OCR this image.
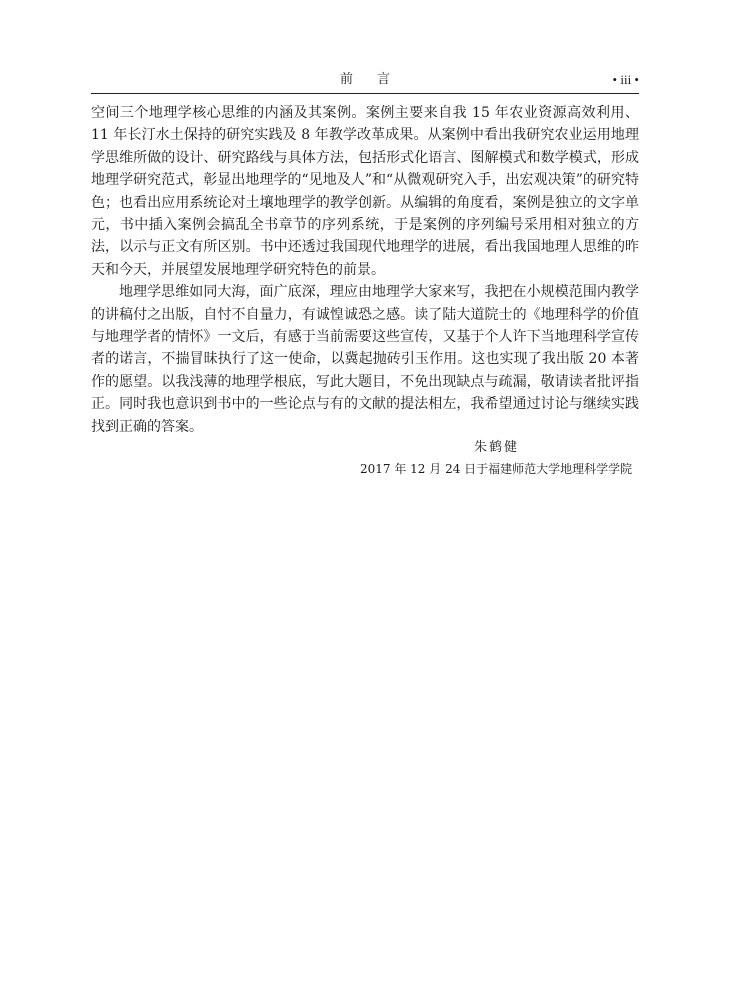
前言	• iii •

空间三个地理学核心思维的内涵及其案例。案例主要来自我 15 年农业资源高效利用、11 年长汀水土保持的研究实践及 8 年教学改革成果。从案例中看出我研究农业运用地理学思维所做的设计、研究路线与具体方法，包括形式化语言、图解模式和数学模式，形成地理学研究范式，彰显出地理学的“见地及人”和“从微观研究入手，出宏观决策”的研究特色；也看出应用系统论对土壤地理学的教学创新。从编辑的角度看，案例是独立的文字单元，书中插入案例会搞乱全书章节的序列系统，于是案例的序列编号采用相对独立的方法，以示与正文有所区别。书中还透过我国现代地理学的进展，看出我国地理人思维的昨天和今天，并展望发展地理学研究特色的前景。

地理学思维如同大海，面广底深，理应由地理学大家来写，我把在小规模范围内教学的讲稿付之出版，自忖不自量力，有诚惶诚恐之感。读了陆大道院士的《地理科学的价值与地理学者的情怀》一文后，有感于当前需要这些宣传，又基于个人许下当地理科学宣传者的诺言，不揣冒昧执行了这一使命，以冀起抛砖引玉作用。这也实现了我出版 20 本著作的愿望。以我浅薄的地理学根底，写此大题目，不免出现缺点与疏漏，敬请读者批评指正。同时我也意识到书中的一些论点与有的文献的提法相左，我希望通过讨论与继续实践找到正确的答案。

朱鹤健
2017 年 12 月 24 日于福建师范大学地理科学学院
